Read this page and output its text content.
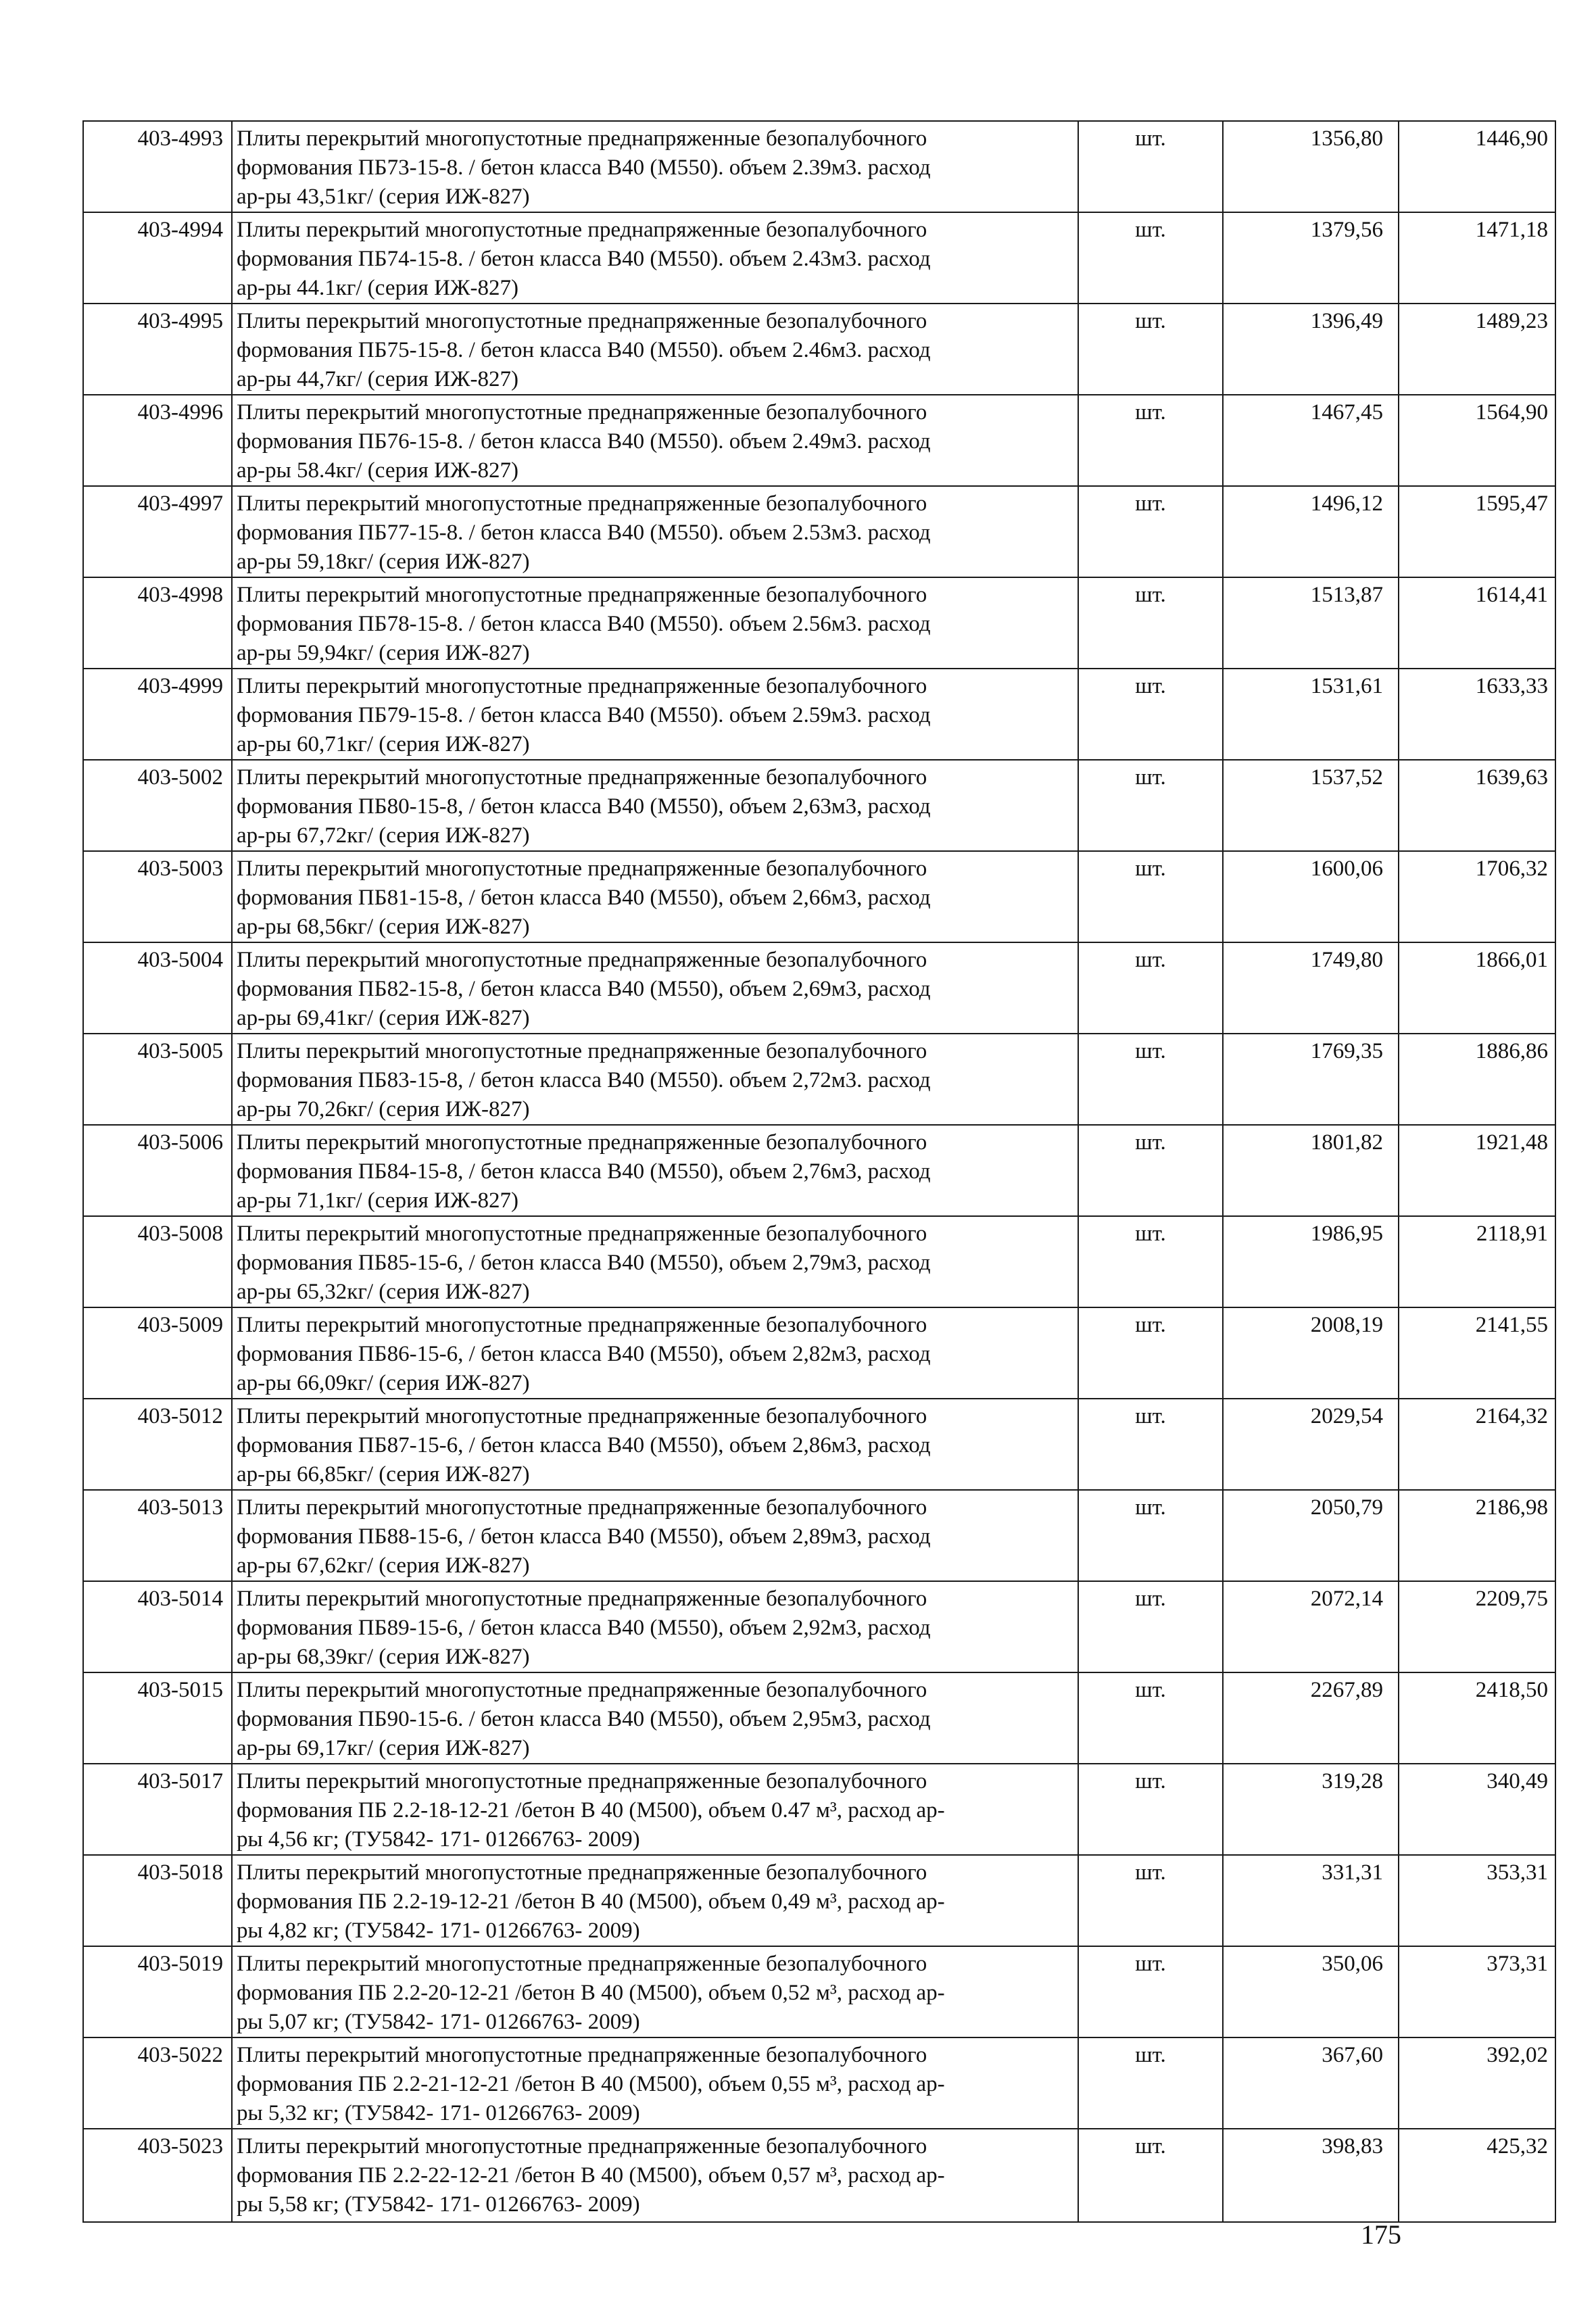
403-4993	Плиты перекрытий многопустотные преднапряженные безопалубочного
формования ПБ73-15-8. / бетон класса В40 (М550). объем 2.39м3. расход
ар-ры 43,51кг/ (серия ИЖ-827)	шт.	1356,80	1446,90
403-4994	Плиты перекрытий многопустотные преднапряженные безопалубочного
формования ПБ74-15-8. / бетон класса В40 (М550). объем 2.43м3. расход
ар-ры 44.1кг/ (серия ИЖ-827)	шт.	1379,56	1471,18
403-4995	Плиты перекрытий многопустотные преднапряженные безопалубочного
формования ПБ75-15-8. / бетон класса В40 (М550). объем 2.46м3. расход
ар-ры 44,7кг/ (серия ИЖ-827)	шт.	1396,49	1489,23
403-4996	Плиты перекрытий многопустотные преднапряженные безопалубочного
формования ПБ76-15-8. / бетон класса В40 (М550). объем 2.49м3. расход
ар-ры 58.4кг/ (серия ИЖ-827)	шт.	1467,45	1564,90
403-4997	Плиты перекрытий многопустотные преднапряженные безопалубочного
формования ПБ77-15-8. / бетон класса В40 (М550). объем 2.53м3. расход
ар-ры 59,18кг/ (серия ИЖ-827)	шт.	1496,12	1595,47
403-4998	Плиты перекрытий многопустотные преднапряженные безопалубочного
формования ПБ78-15-8. / бетон класса В40 (М550). объем 2.56м3. расход
ар-ры 59,94кг/ (серия ИЖ-827)	шт.	1513,87	1614,41
403-4999	Плиты перекрытий многопустотные преднапряженные безопалубочного
формования ПБ79-15-8. / бетон класса В40 (М550). объем 2.59м3. расход
ар-ры 60,71кг/ (серия ИЖ-827)	шт.	1531,61	1633,33
403-5002	Плиты перекрытий многопустотные преднапряженные безопалубочного
формования ПБ80-15-8, / бетон класса В40 (М550), объем 2,63м3, расход
ар-ры 67,72кг/ (серия ИЖ-827)	шт.	1537,52	1639,63
403-5003	Плиты перекрытий многопустотные преднапряженные безопалубочного
формования ПБ81-15-8, / бетон класса В40 (М550), объем 2,66м3, расход
ар-ры 68,56кг/ (серия ИЖ-827)	шт.	1600,06	1706,32
403-5004	Плиты перекрытий многопустотные преднапряженные безопалубочного
формования ПБ82-15-8, / бетон класса В40 (М550), объем 2,69м3, расход
ар-ры 69,41кг/ (серия ИЖ-827)	шт.	1749,80	1866,01
403-5005	Плиты перекрытий многопустотные преднапряженные безопалубочного
формования ПБ83-15-8, / бетон класса В40 (М550). объем 2,72м3. расход
ар-ры 70,26кг/ (серия ИЖ-827)	шт.	1769,35	1886,86
403-5006	Плиты перекрытий многопустотные преднапряженные безопалубочного
формования ПБ84-15-8, / бетон класса В40 (М550), объем 2,76м3, расход
ар-ры 71,1кг/ (серия ИЖ-827)	шт.	1801,82	1921,48
403-5008	Плиты перекрытий многопустотные преднапряженные безопалубочного
формования ПБ85-15-6, / бетон класса В40 (М550), объем 2,79м3, расход
ар-ры 65,32кг/ (серия ИЖ-827)	шт.	1986,95	2118,91
403-5009	Плиты перекрытий многопустотные преднапряженные безопалубочного
формования ПБ86-15-6, / бетон класса В40 (М550), объем 2,82м3, расход
ар-ры 66,09кг/ (серия ИЖ-827)	шт.	2008,19	2141,55
403-5012	Плиты перекрытий многопустотные преднапряженные безопалубочного
формования ПБ87-15-6, / бетон класса В40 (М550), объем 2,86м3, расход
ар-ры 66,85кг/ (серия ИЖ-827)	шт.	2029,54	2164,32
403-5013	Плиты перекрытий многопустотные преднапряженные безопалубочного
формования ПБ88-15-6, / бетон класса В40 (М550), объем 2,89м3, расход
ар-ры 67,62кг/ (серия ИЖ-827)	шт.	2050,79	2186,98
403-5014	Плиты перекрытий многопустотные преднапряженные безопалубочного
формования ПБ89-15-6, / бетон класса В40 (М550), объем 2,92м3, расход
ар-ры 68,39кг/ (серия ИЖ-827)	шт.	2072,14	2209,75
403-5015	Плиты перекрытий многопустотные преднапряженные безопалубочного
формования ПБ90-15-6. / бетон класса В40 (М550), объем 2,95м3, расход
ар-ры 69,17кг/ (серия ИЖ-827)	шт.	2267,89	2418,50
403-5017	Плиты перекрытий многопустотные преднапряженные безопалубочного
формования ПБ 2.2-18-12-21 /бетон В 40 (М500), объем 0.47 м³, расход ар-
ры 4,56 кг; (ТУ5842- 171- 01266763- 2009)	шт.	319,28	340,49
403-5018	Плиты перекрытий многопустотные преднапряженные безопалубочного
формования ПБ 2.2-19-12-21 /бетон В 40 (М500), объем 0,49 м³, расход ар-
ры 4,82 кг; (ТУ5842- 171- 01266763- 2009)	шт.	331,31	353,31
403-5019	Плиты перекрытий многопустотные преднапряженные безопалубочного
формования ПБ 2.2-20-12-21 /бетон В 40 (М500), объем 0,52 м³, расход ар-
ры 5,07 кг; (ТУ5842- 171- 01266763- 2009)	шт.	350,06	373,31
403-5022	Плиты перекрытий многопустотные преднапряженные безопалубочного
формования ПБ 2.2-21-12-21 /бетон В 40 (М500), объем 0,55 м³, расход ар-
ры 5,32 кг; (ТУ5842- 171- 01266763- 2009)	шт.	367,60	392,02
403-5023	Плиты перекрытий многопустотные преднапряженные безопалубочного
формования ПБ 2.2-22-12-21 /бетон В 40 (М500), объем 0,57 м³, расход ар-
ры 5,58 кг; (ТУ5842- 171- 01266763- 2009)	шт.	398,83	425,32
175
